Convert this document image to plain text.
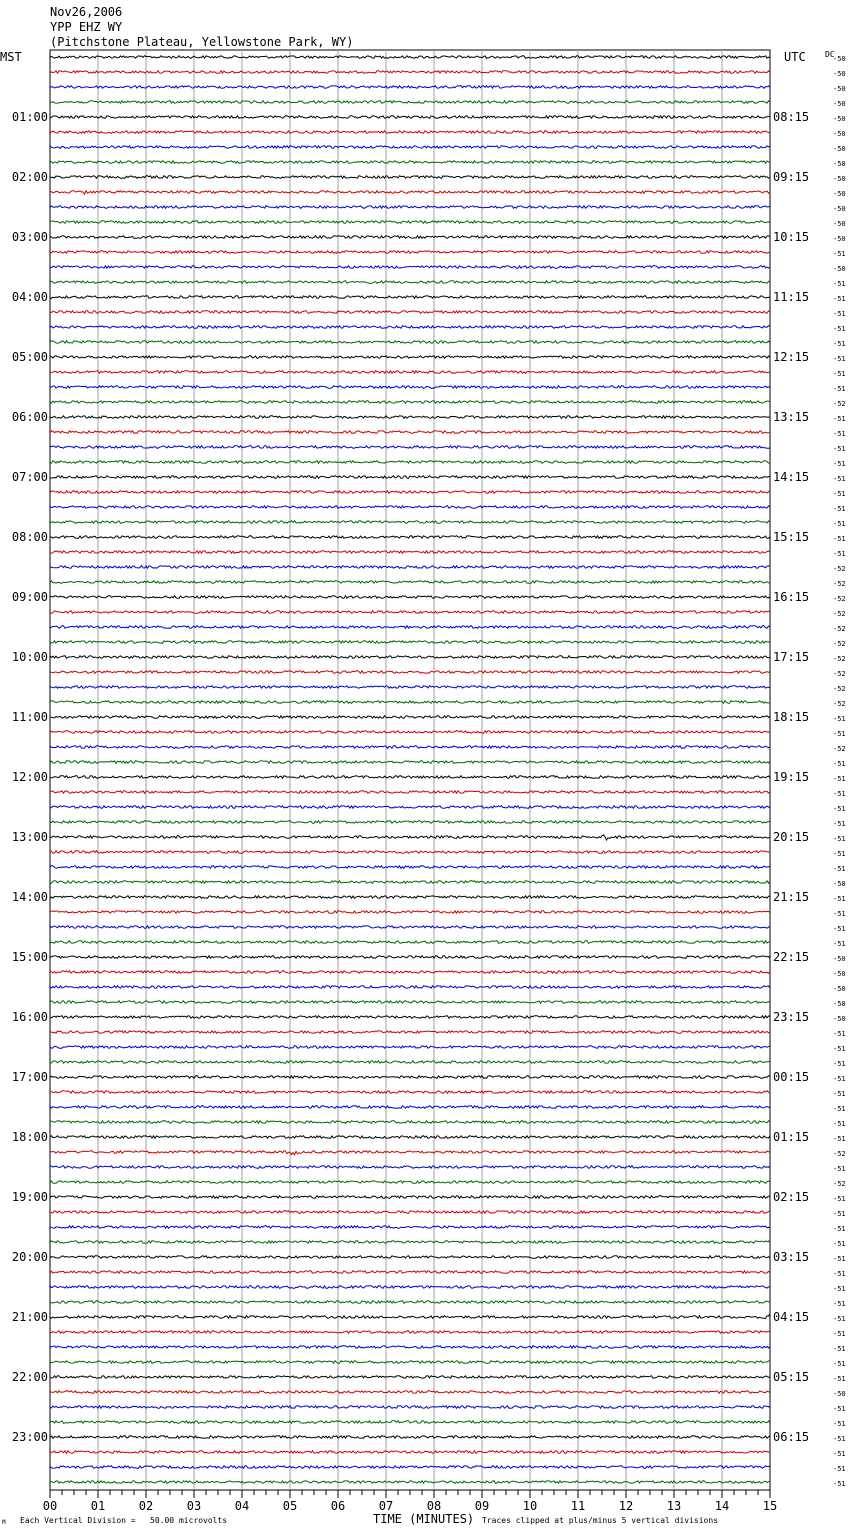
00	01	02	03	04	05	06	07	08	09	10	11	12	13	14	15
-50
-50
-50
-50
-50
-50
-50
-50
-50
-50
-50
-50
-50
-51
-50
-51
-51
-51
-51
-51
-51
-51
-51
-52
-51
-51
-51
-51
-51
-51
-51
-51
-51
-51
-52
-52
-52
-52
-52
-52
-52
-52
-52
-52
-51
-51
-52
-51
-51
-51
-51
-51
-51
-51
-51
-50
-51
-51
-51
-51
-50
-50
-50
-50
-50
-51
-51
-51
-51
-51
-51
-51
-51
-52
-51
-52
-51
-51
-51
-51
-51
-51
-51
-51
-51
-51
-51
-51
-51
-50
-51
-51
-51
-51
-51
-51
01:00	08:15
02:00	09:15
03:00	10:15
04:00	11:15
05:00	12:15
06:00	13:15
07:00	14:15
08:00	15:15
09:00	16:15
10:00	17:15
11:00	18:15
12:00	19:15
13:00	20:15
14:00	21:15
15:00	22:15
16:00	23:15
17:00	00:15
18:00	01:15
19:00	02:15
20:00	03:15
21:00	04:15
22:00	05:15
23:00	06:15
Nov26,2006
YPP EHZ WY
(Pitchstone Plateau, Yellowstone Park, WY)
MST	UTC DC
TIME (MINUTES)
Each Vertical Division =   50.00 microvolts	Traces clipped at plus/minus 5 vertical divisions
M
